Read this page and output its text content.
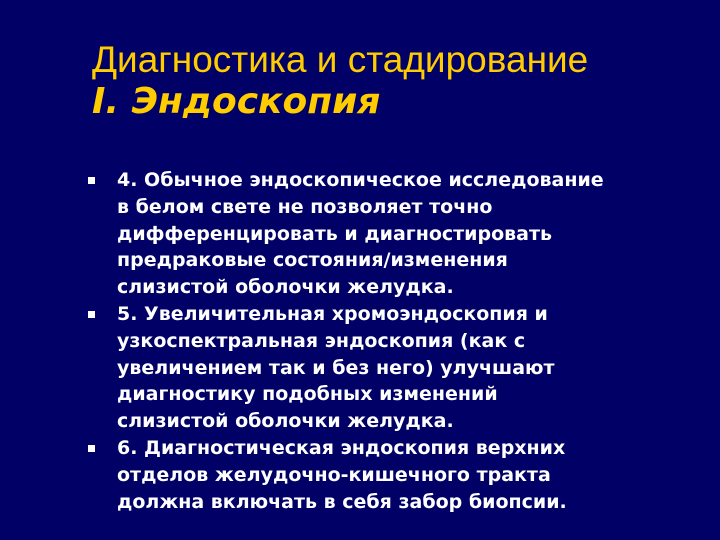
Диагностика и стадирование
I. Эндоскопия
4. Обычное эндоскопическое исследование
в белом свете не позволяет точно
дифференцировать и диагностировать
предраковые состояния/изменения
слизистой оболочки желудка.
5. Увеличительная хромоэндоскопия и
узкоспектральная эндоскопия (как с
увеличением так и без него) улучшают
диагностику подобных изменений
слизистой оболочки желудка.
6. Диагностическая эндоскопия верхних
отделов желудочно-кишечного тракта
должна включать в себя забор биопсии.
